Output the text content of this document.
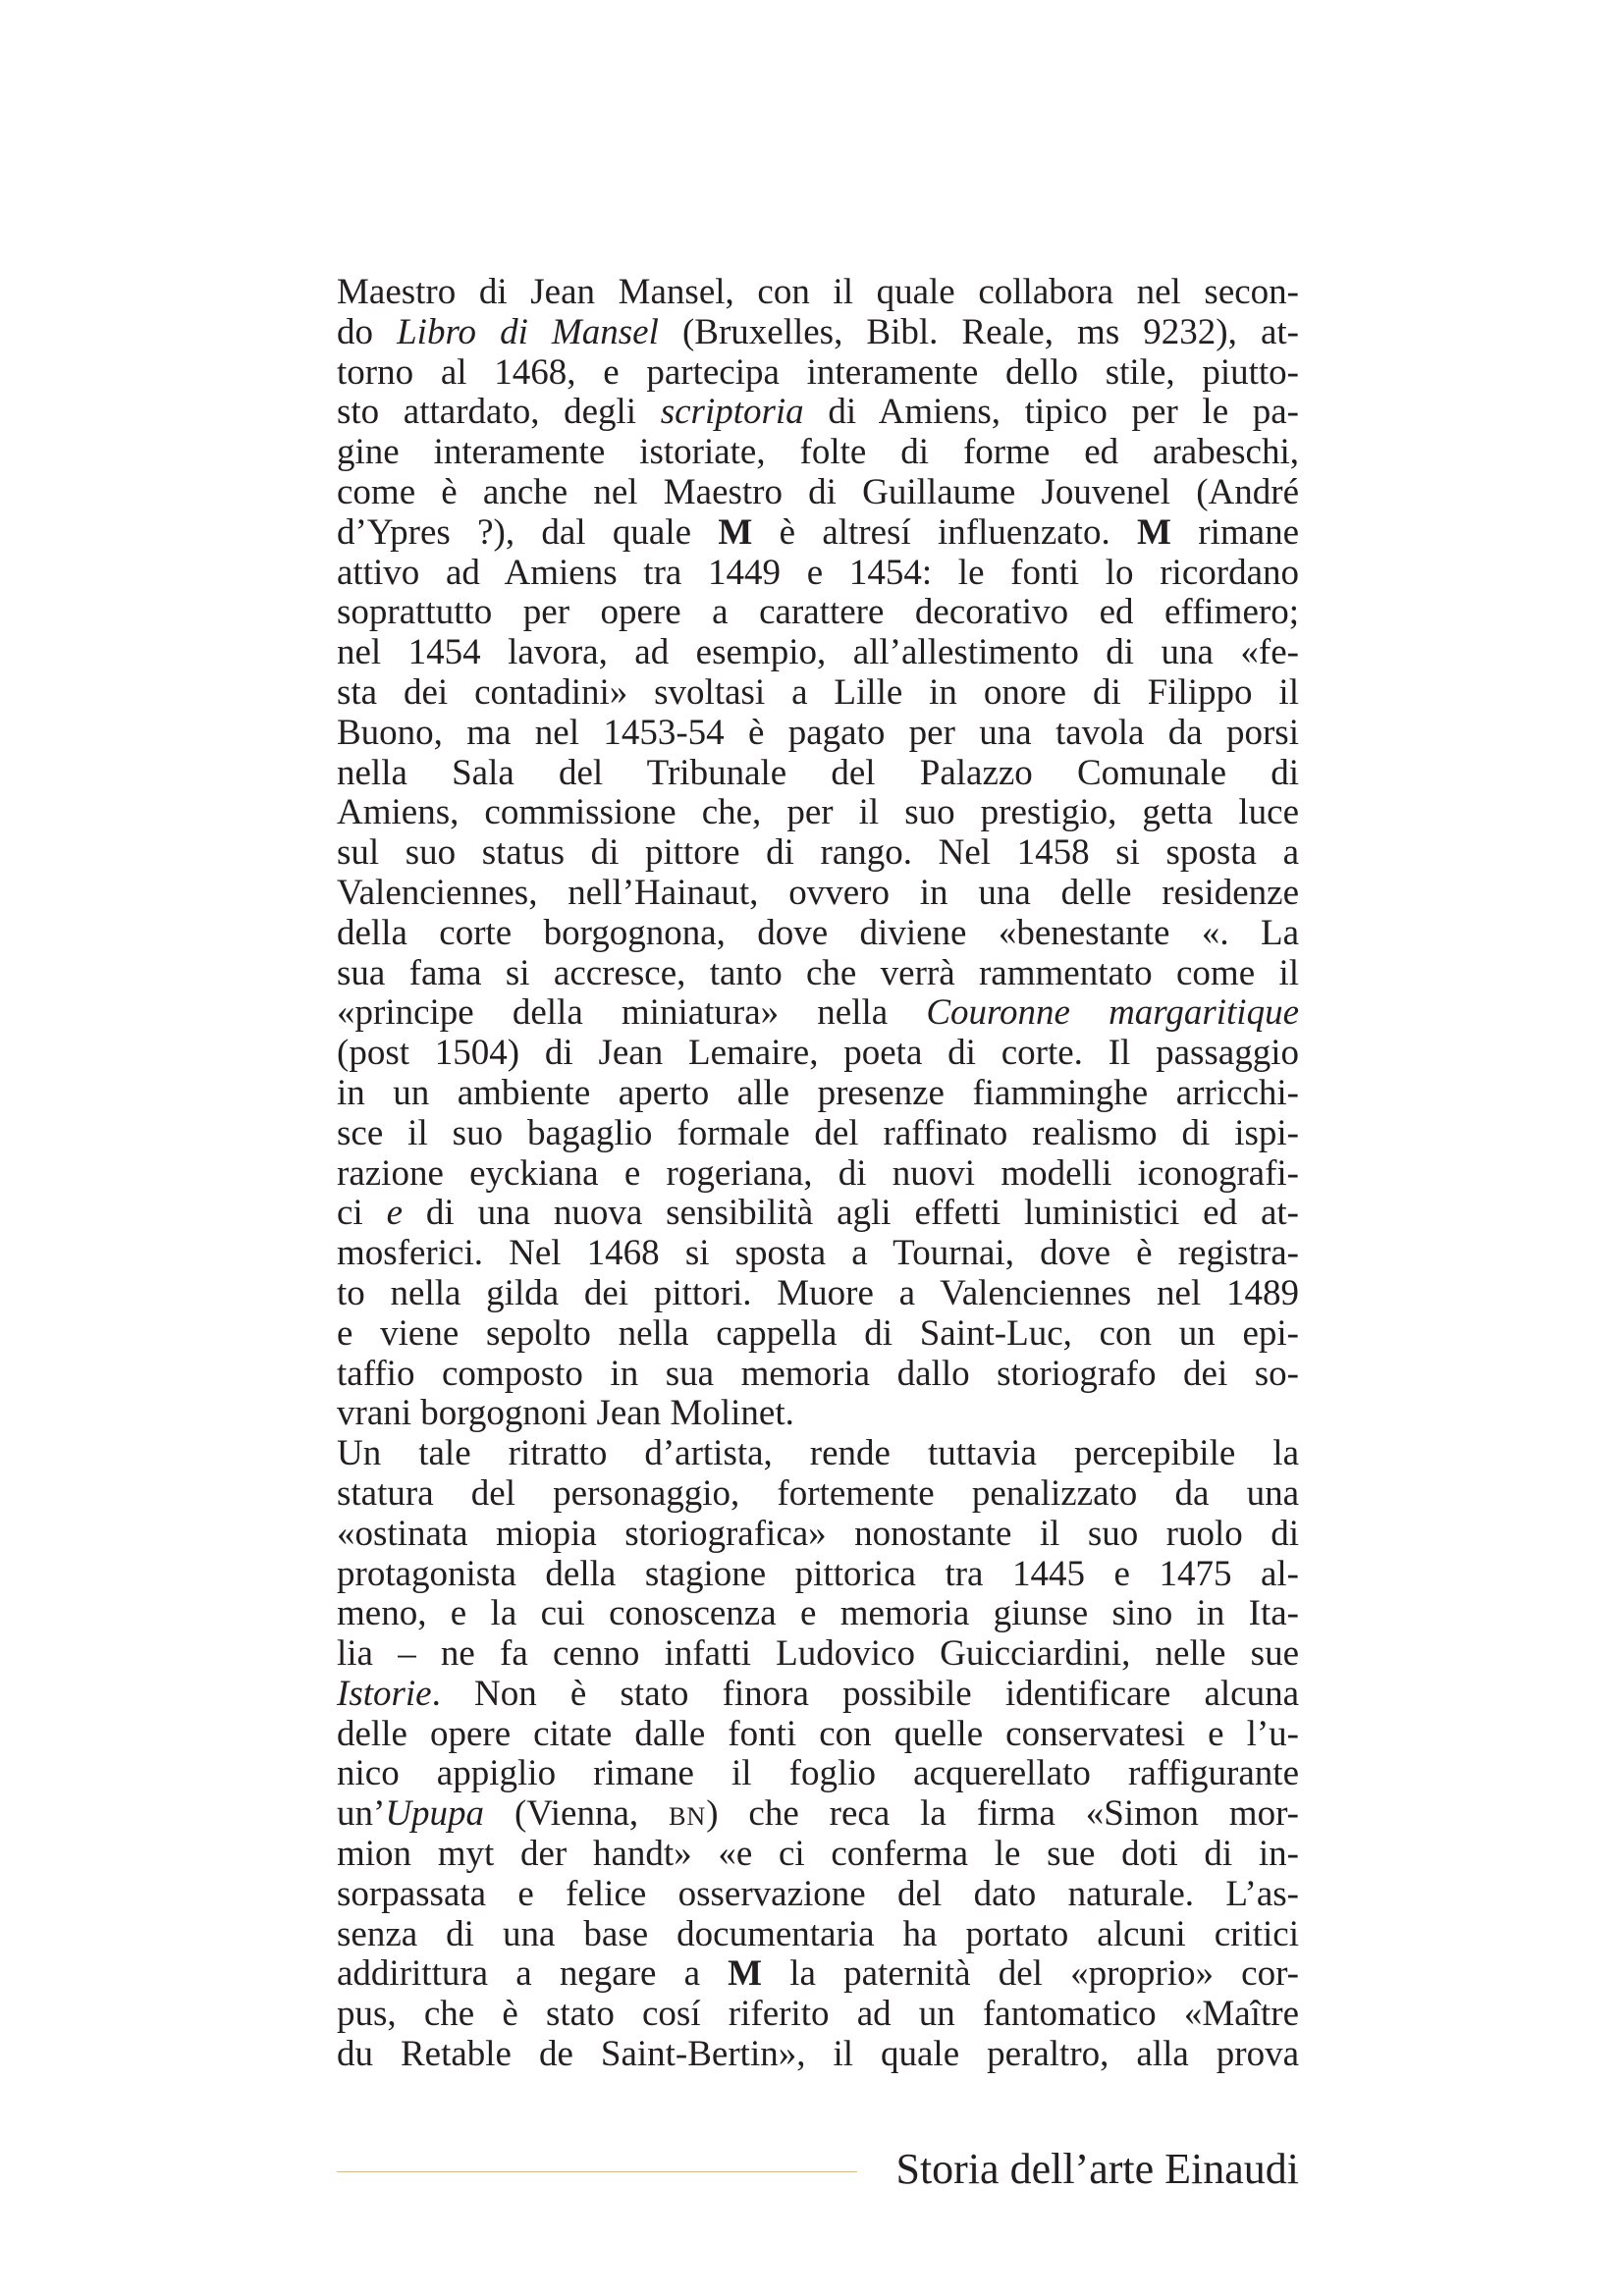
Maestro di Jean Mansel, con il quale collabora nel secon-
do Libro di Mansel (Bruxelles, Bibl. Reale, ms 9232), at-
torno al 1468, e partecipa interamente dello stile, piutto-
sto attardato, degli scriptoria di Amiens, tipico per le pa-
gine interamente istoriate, folte di forme ed arabeschi,
come è anche nel Maestro di Guillaume Jouvenel (André
d’Ypres ?), dal quale M è altresí influenzato. M rimane
attivo ad Amiens tra 1449 e 1454: le fonti lo ricordano
soprattutto per opere a carattere decorativo ed effimero;
nel 1454 lavora, ad esempio, all’allestimento di una «fe-
sta dei contadini» svoltasi a Lille in onore di Filippo il
Buono, ma nel 1453-54 è pagato per una tavola da porsi
nella Sala del Tribunale del Palazzo Comunale di
Amiens, commissione che, per il suo prestigio, getta luce
sul suo status di pittore di rango. Nel 1458 si sposta a
Valenciennes, nell’Hainaut, ovvero in una delle residenze
della corte borgognona, dove diviene «benestante «. La
sua fama si accresce, tanto che verrà rammentato come il
«principe della miniatura» nella Couronne margaritique
(post 1504) di Jean Lemaire, poeta di corte. Il passaggio
in un ambiente aperto alle presenze fiamminghe arricchi-
sce il suo bagaglio formale del raffinato realismo di ispi-
razione eyckiana e rogeriana, di nuovi modelli iconografi-
ci e di una nuova sensibilità agli effetti luministici ed at-
mosferici. Nel 1468 si sposta a Tournai, dove è registra-
to nella gilda dei pittori. Muore a Valenciennes nel 1489
e viene sepolto nella cappella di Saint-Luc, con un epi-
taffio composto in sua memoria dallo storiografo dei so-
vrani borgognoni Jean Molinet.
Un tale ritratto d’artista, rende tuttavia percepibile la
statura del personaggio, fortemente penalizzato da una
«ostinata miopia storiografica» nonostante il suo ruolo di
protagonista della stagione pittorica tra 1445 e 1475 al-
meno, e la cui conoscenza e memoria giunse sino in Ita-
lia – ne fa cenno infatti Ludovico Guicciardini, nelle sue
Istorie. Non è stato finora possibile identificare alcuna
delle opere citate dalle fonti con quelle conservatesi e l’u-
nico appiglio rimane il foglio acquerellato raffigurante
un’Upupa (Vienna, BN) che reca la firma «Simon mor-
mion myt der handt» «e ci conferma le sue doti di in-
sorpassata e felice osservazione del dato naturale. L’as-
senza di una base documentaria ha portato alcuni critici
addirittura a negare a M la paternità del «proprio» cor-
pus, che è stato cosí riferito ad un fantomatico «Maître
du Retable de Saint-Bertin», il quale peraltro, alla prova
Storia dell’arte Einaudi
